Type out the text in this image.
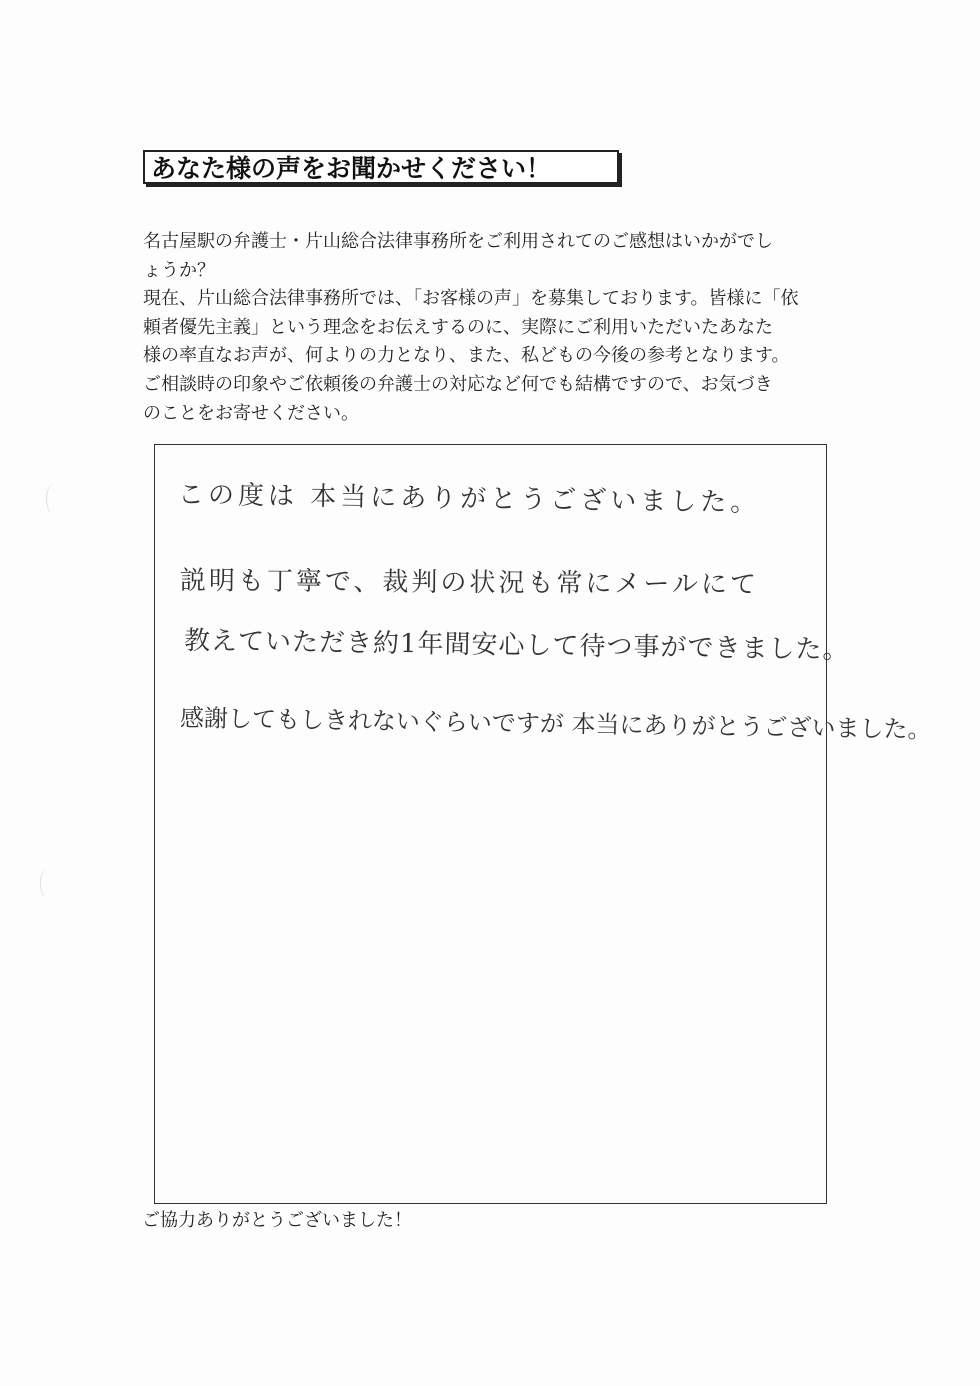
あなた様の声をお聞かせください！
名古屋駅の弁護士・片山総合法律事務所をご利用されてのご感想はいかがでし
ょうか？
現在、片山総合法律事務所では、「お客様の声」を募集しております。皆様に「依
頼者優先主義」という理念をお伝えするのに、実際にご利用いただいたあなた
様の率直なお声が、何よりの力となり、また、私どもの今後の参考となります。
ご相談時の印象やご依頼後の弁護士の対応など何でも結構ですので、お気づき
のことをお寄せください。
この度は 本当にありがとうございました。
説明も丁寧で、裁判の状況も常にメールにて
教えていただき約1年間安心して待つ事ができました。
感謝してもしきれないぐらいですが 本当にありがとうございました。
ご協力ありがとうございました！
